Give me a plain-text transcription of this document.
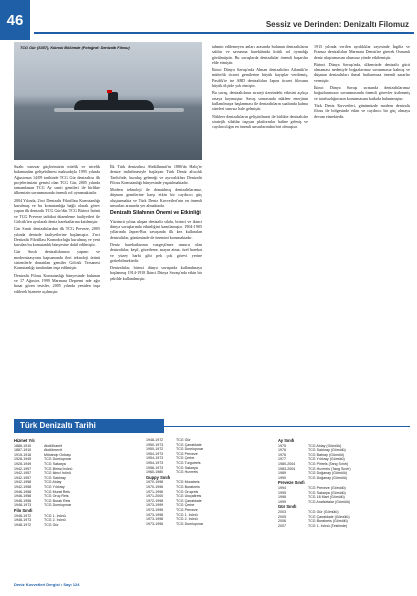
46	Sessiz ve Derinden: Denizaltı Filomuz
TCG Gür (S357), Kıbrıslı Bölümde (Fotoğraf: Denizaltı Filosu)

Sualtı varuvar güçlerimizin nitelik ve nicelik bakımından gelişebilmesi maksadıyla 1995 yılında Ağustosun 14/09 tarihinde TCG Gür denizaltısı ilk projelerimizin gemisi olan TCG Gür, 2005 yılında tamamlanan TCG Ay sınıfı gemileri ile birlikte ülkemizin savunmasında önemli rol oynamaktadır.

2004 Yılında, 2'nci Denizaltı Filotillası Komutanlığı kurulmuş ve bu komutanlığa bağlı olarak görev yapan ilk denizaltı TCG Gür'dür. TCG Birinci İnönü ve TCG Preveze tatbikat düzenleme faaliyetleri ile Gölcük'ten ayrılarak deniz harekatlarına katılmıştır.

Gür Sınıfı denizaltılardan ilk TCG Preveze, 2005 yılında denizde faaliyetlerine başlamıştır. 2'nci Denizaltı Filotillası Komodorluğu kurulmuş ve yeni kurulan bu komutanlık bünyesine dahil edilmiştir.

Gür Sınıfı denizaltılarının yapımı ve modernizasyonu kapsamında ileri teknoloji ürünü sistemlerle donatılan gemiler Gölcük Tersanesi Komutanlığı tarafından inşa edilmiştir.

Denizaltı Filosu Komutanlığı bünyesinde bulunan ve 17 Ağustos 1999 Marmara Depremi nde ağır hasar gören tesisler, 2005 yılında yeniden inşa edilerek hizmete açılmıştır.

İlk Türk denizaltısı Abdülhamit'in 1886'da Haliç'te denize indirilmesiyle başlayan Türk Deniz altıcılık Tarihi'nde, kuruluş geleneği ve ayrıcalıkları Denizaltı Filosu Komutanlığı bünyesinde yaşatılmaktadır.

Modern teknoloji ile donatılmış denizaltılarımız, düşman gemilerine karşı etkin bir caydırıcı güç oluşturmakta ve Türk Deniz Kuvvetleri'nin en önemli unsurları arasında yer almaktadır.

Denizaltı Silahının Önemi ve Etkinliği

Yüzüncü yılına ulaşan denizaltı silahı, birinci ve ikinci dünya savaşlarında etkinliğini kanıtlamıştır. 1904-1905 yıllarında Japon-Rus savaşında ilk kez kullanılan denizaltılar, günümüzde de önemini korumaktadır.

Deniz harekatlarının vazgeçilmez unsuru olan denizaltılar, keşif, gözetleme, mayın atma, özel harekat ve yüzey harbi gibi pek çok görevi yerine getirebilmektedir.

Denizaltılar, birinci dünya savaşında kullanılmaya başlanmış 1914-1918 İkinci Dünya Savaşı'nda etkin bir şekilde kullanılmıştır.

tahmin edilemeyen anları arasında bulunan denizaltıların saldırı ve savunma harekâtında kritik rol oynadığı görülmüştür. Bu savaşlarda denizaltılar önemli başarılar elde etmiştir.

İkinci Dünya Savaşı'nda Alman denizaltıları Atlantik'te müttefik ticaret gemilerine büyük kayıplar verdirmiş, Pasifik'te ise ABD denizaltıları Japon ticaret filosunu büyük ölçüde yok etmiştir.

Bu savaş, denizaltıların strateji üzerindeki etkisini açıkça ortaya koymuştur. Savaş sonrasında nükleer enerjinin kullanılmaya başlanması ile denizaltıların sualtında kalma süreleri sınırsız hale gelmiştir.

Nükleer denizaltıların geliştirilmesi ile birlikte denizaltılar stratejik silahlar taşıyan platformlar haline gelmiş ve caydırıcılığın en önemli unsurlarından biri olmuştur.

1915 yılında verilen ayrıklıklar sayesinde İngiliz ve Fransız denizaltıları Marmara Denizi'ne girerek Osmanlı deniz ulaştırmasını olumsuz yönde etkilemiştir.

Birinci Dünya Savaşı'nda, ülkemizde denizaltı gücü olmaması nedeniyle boğazlarımız savunmasız kalmış ve düşman denizaltıları ikmal hatlarımıza önemli zararlar vermiştir.

İkinci Dünya Savaşı sırasında denizaltılarımız boğazlarımızın savunmasında önemli görevler üstlenmiş ve tarafsızlığımızın korunmasına katkıda bulunmuştur.

Türk Deniz Kuvvetleri, günümüzde modern denizaltı filosu ile bölgesinde etkin ve caydırıcı bir güç olmaya devam etmektedir.

Türk Denizaltı Tarihi
Hizmet Yılı
1886-1910	Abdülhamit
1887-1910	Abdülmecit
1915-1918	Müstecip Onbaşı
1928-1945	TCG Dumlupınar
1928-1949	TCG Sakarya
1942-1957	TCG Birinci İnönü
1942-1957	TCG İkinci İnönü
1942-1957	TCG Saldıray
1942-1958	TCG Atılay
1942-1958	TCG Yıldıray
1946-1958	TCG Murat Reis
1946-1958	TCG Oruç Reis
1946-1958	TCG Burak Reis
1948-1973	TCG Dumlupınar
Filo Sınıfı
1948-1972	TCG 1. İnönü
1948-1973	TCG 2. İnönü
1948-1972	TCG Gür
1948-1972	TCG Gür
1950-1973	TCG Çanakkale
1950-1972	TCG Dumlupınar
1954-1973	TCG Preveze
1954-1973	TCG Çerbe
1954-1973	TCG Turgutreis
1958-1973	TCG Sakarya
1960-1980	TCG Hızırreis
Guppy Sınıfı
1970-1998	TCG Muratreis
1970-1996	TCG Burakreis
1971-1996	TCG Oruçreis
1971-2000	TCG Uluçalireis
1972-1998	TCG Çanakkale
1973-1999	TCG Çerbe
1973-1996	TCG Preveze
1973-1998	TCG 1. İnönü
1973-1998	TCG 2. İnönü
1973-1996	TCG Dumlupınar
Ay Sınıfı
1975	TCG Atılay (Gömülü)
1976	TCG Saldıray (Gömülü)
1976	TCG Batıray (Gömülü)
1977	TCG Yıldıray (Gömülü)
1980-2004	TCG Pirireis (Tang Sınıfı)
1983-2004	TCG Hızırreis (Tang Sınıfı)
1989	TCG Doğanay (Gömülü)
1990	TCG Doğanay (Gömülü)
Preveze Sınıfı
1994	TCG Preveze (Gömülü)
1995	TCG Sakarya (Gömülü)
1998	TCG 18 Mart (Gömülü)
1999	TCG Anafartalar (Gömülü)
Gür Sınıfı
2003	TCG Gür (Gömülü)
2005	TCG Çanakkale (Gömülü)
2006	TCG Burakreis (Gömülü)
2007	TCG 1. İnönü (Teslimde)
Deniz Kuvvetleri Dergisi • Sayı 124
